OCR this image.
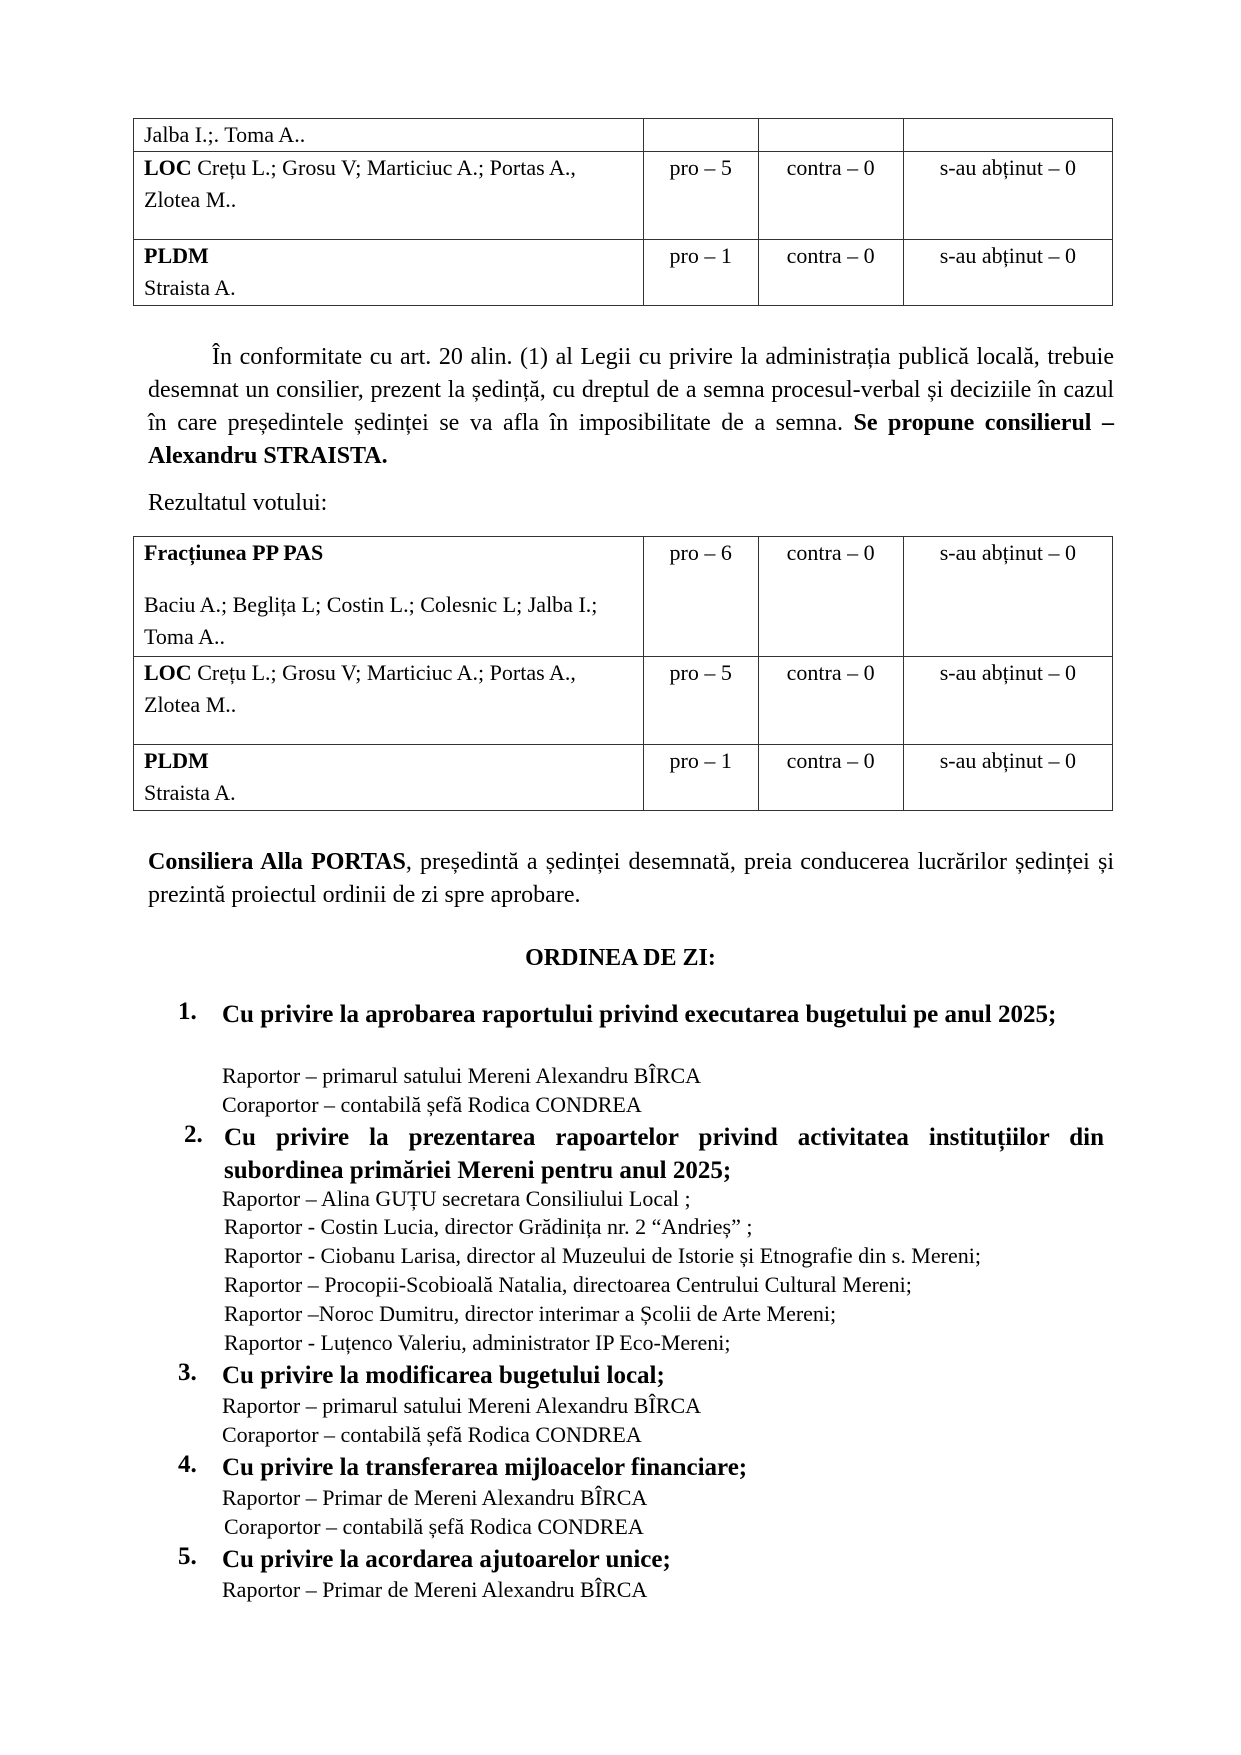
Jalba I.;. Toma A..			
LOC Crețu L.; Grosu V; Marticiuc A.; Portas A., Zlotea M..	pro – 5	contra – 0	s-au abținut – 0

PLDM
Straista A.	pro – 1	contra – 0	s-au abținut – 0
În conformitate cu art. 20 alin. (1) al Legii cu privire la administrația publică locală, trebuie desemnat un consilier, prezent la ședință, cu dreptul de a semna procesul-verbal și deciziile în cazul în care președintele ședinței se va afla în imposibilitate de a semna. Se propune consilierul – Alexandru STRAISTA.
Rezultatul votului:
Fracțiunea PP PAS
Baciu A.; Beglița L; Costin L.; Colesnic L; Jalba I.; Toma A..	pro – 6	contra – 0	s-au abținut – 0
LOC Crețu L.; Grosu V; Marticiuc A.; Portas A., Zlotea M..	pro – 5	contra – 0	s-au abținut – 0

PLDM
Straista A.	pro – 1	contra – 0	s-au abținut – 0
Consiliera Alla PORTAS, președintă a ședinței desemnată, preia conducerea lucrărilor ședinței și prezintă proiectul ordinii de zi spre aprobare.
ORDINEA DE ZI:
1. Cu privire la aprobarea raportului privind executarea bugetului pe anul 2025;
Raportor – primarul satului Mereni Alexandru BÎRCA
Coraportor – contabilă șefă Rodica CONDREA
2. Cu privire la prezentarea rapoartelor privind activitatea instituțiilor din subordinea primăriei Mereni pentru anul 2025;
Raportor – Alina GUȚU secretara Consiliului Local ;
Raportor - Costin Lucia, director Grădinița nr. 2 “Andrieș” ;
Raportor - Ciobanu Larisa, director al Muzeului de Istorie și Etnografie din s. Mereni;
Raportor – Procopii-Scobioală Natalia, directoarea Centrului Cultural Mereni;
Raportor –Noroc Dumitru, director interimar a Școlii de Arte Mereni;
Raportor - Luțenco Valeriu, administrator IP Eco-Mereni;
3. Cu privire la modificarea bugetului local;
Raportor – primarul satului Mereni Alexandru BÎRCA
Coraportor – contabilă șefă Rodica CONDREA
4. Cu privire la transferarea mijloacelor financiare;
Raportor – Primar de Mereni Alexandru BÎRCA
Coraportor – contabilă șefă Rodica CONDREA
5. Cu privire la acordarea ajutoarelor unice;
Raportor – Primar de Mereni Alexandru BÎRCA
